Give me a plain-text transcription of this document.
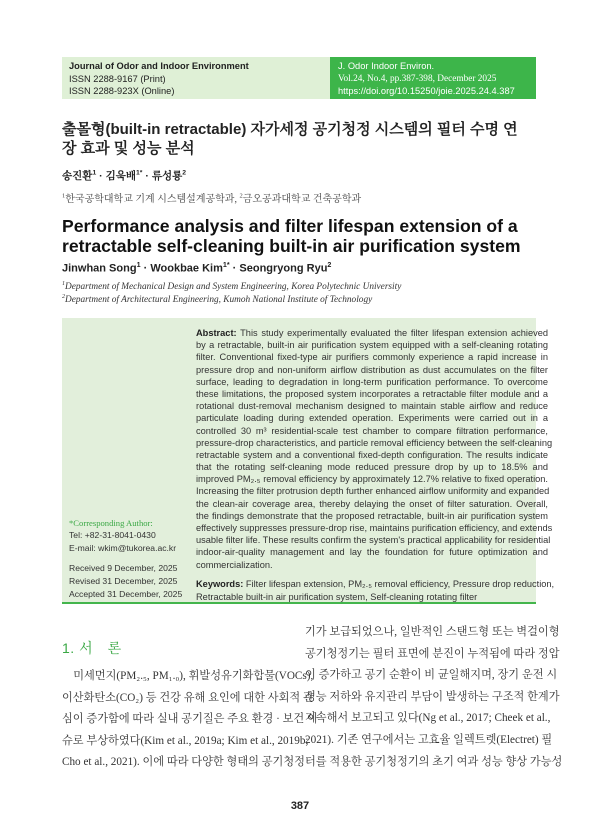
Journal of Odor and Indoor Environment
ISSN 2288-9167 (Print)
ISSN 2288-923X (Online)
J. Odor Indoor Environ.
Vol.24, No.4, pp.387-398, December 2025
https://doi.org/10.15250/joie.2025.24.4.387
출몰형(built-in retractable) 자가세정 공기청정 시스템의 필터 수명 연장 효과 및 성능 분석
송진환$^1$ · 김욱배$^{1*}$ · 류성룡$^2$
$^1$한국공학대학교 기계 시스템설계공학과, $^2$금오공과대학교 건축공학과
Performance analysis and filter lifespan extension of a retractable self-cleaning built-in air purification system
Jinwhan Song$^1$ · Wookbae Kim$^{1*}$ · Seongryong Ryu$^2$
$^1$Department of Mechanical Design and System Engineering, Korea Polytechnic University
$^2$Department of Architectural Engineering, Kumoh National Institute of Technology
*Corresponding Author:
Tel: +82-31-8041-0430
E-mail: wkim@tukorea.ac.kr
Received 9 December, 2025
Revised 31 December, 2025
Accepted 31 December, 2025
Abstract: This study experimentally evaluated the filter lifespan extension achieved
by a retractable, built-in air purification system equipped with a self-cleaning rotating
filter. Conventional fixed-type air purifiers commonly experience a rapid increase in
pressure drop and non-uniform airflow distribution as dust accumulates on the filter
surface, leading to degradation in long-term purification performance. To overcome
these limitations, the proposed system incorporates a retractable filter module and a
rotational dust-removal mechanism designed to maintain stable airflow and reduce
particulate loading during extended operation. Experiments were carried out in a
controlled 30 m³ residential-scale test chamber to compare filtration performance,
pressure-drop characteristics, and particle removal efficiency between the self-cleaning
retractable system and a conventional fixed-depth configuration. The results indicate
that the rotating self-cleaning mode reduced pressure drop by up to 18.5% and
improved PM₂.₅ removal efficiency by approximately 12.7% relative to fixed operation.
Increasing the filter protrusion depth further enhanced airflow uniformity and expanded
the clean-air coverage area, thereby delaying the onset of filter saturation. Overall,
the findings demonstrate that the proposed retractable, built-in air purification system
effectively suppresses pressure-drop rise, maintains purification efficiency, and extends
usable filter life. These results confirm the system's practical applicability for residential
indoor-air-quality management and lay the foundation for future optimization and
commercialization.
Keywords: Filter lifespan extension, PM₂.₅ removal efficiency, Pressure drop reduction,
Retractable built-in air purification system, Self-cleaning rotating filter
1. 서　론
　미세먼지(PM₂.₅, PM₁.₀), 휘발성유기화합물(VOCs),
이산화탄소(CO₂) 등 건강 유해 요인에 대한 사회적 관
심이 증가함에 따라 실내 공기질은 주요 환경 · 보건 이
슈로 부상하였다(Kim et al., 2019a; Kim et al., 2019b;
Cho et al., 2021). 이에 따라 다양한 형태의 공기청정
기가 보급되었으나, 일반적인 스탠드형 또는 벽걸이형
공기청정기는 필터 표면에 분진이 누적됨에 따라 정압
이 증가하고 공기 순환이 비 균일해지며, 장기 운전 시
성능 저하와 유지관리 부담이 발생하는 구조적 한계가
지속해서 보고되고 있다(Ng et al., 2017; Cheek et al.,
2021). 기존 연구에서는 고효율 일렉트렛(Electret) 필
터를 적용한 공기청정기의 초기 여과 성능 향상 가능성
387
